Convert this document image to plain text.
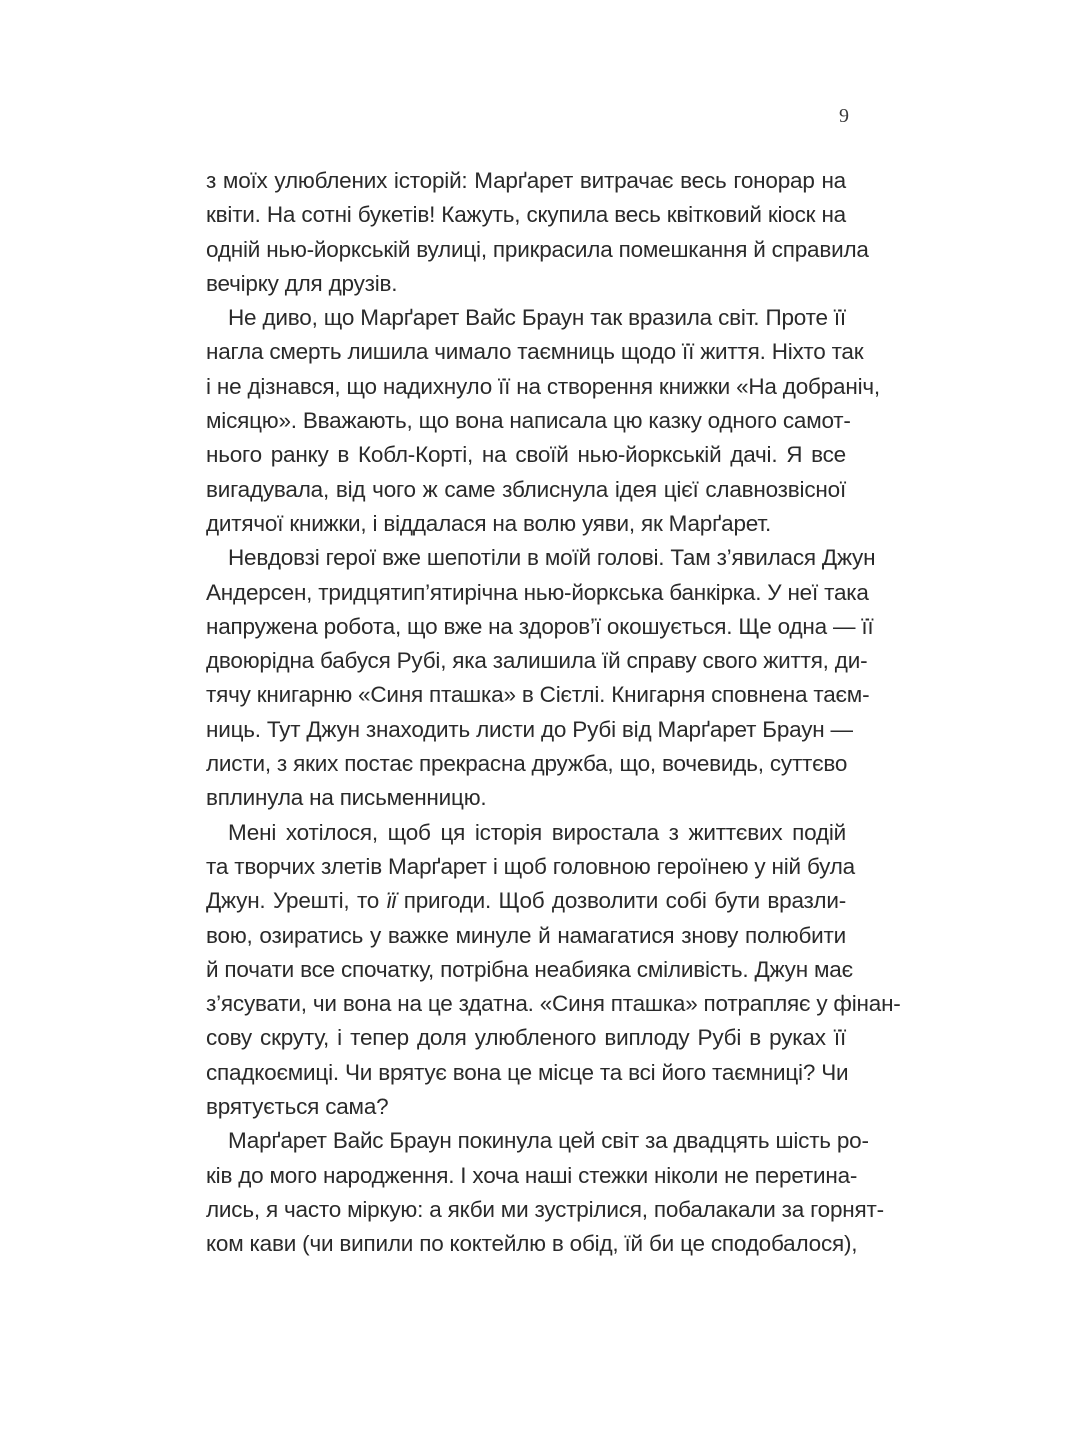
9
з моїх улюблених історій: Марґарет витрачає весь гонорар на
квіти. На сотні букетів! Кажуть, скупила весь квітковий кіоск на
одній нью-йоркській вулиці, прикрасила помешкання й справила
вечірку для друзів.
Не диво, що Марґарет Вайс Браун так вразила світ. Проте її
нагла смерть лишила чимало таємниць щодо її життя. Ніхто так
і не дізнався, що надихнуло її на створення книжки «На добраніч,
місяцю». Вважають, що вона написала цю казку одного самот-
нього ранку в Кобл-Корті, на своїй нью-йоркській дачі. Я все
вигадувала, від чого ж саме зблиснула ідея цієї славнозвісної
дитячої книжки, і віддалася на волю уяви, як Марґарет.
Невдовзі герої вже шепотіли в моїй голові. Там з’явилася Джун
Андерсен, тридцятип’ятирічна нью-йоркська банкірка. У неї така
напружена робота, що вже на здоров’ї окошується. Ще одна — її
двоюрідна бабуся Рубі, яка залишила їй справу свого життя, ди-
тячу книгарню «Синя пташка» в Сієтлі. Книгарня сповнена таєм-
ниць. Тут Джун знаходить листи до Рубі від Марґарет Браун —
листи, з яких постає прекрасна дружба, що, вочевидь, суттєво
вплинула на письменницю.
Мені хотілося, щоб ця історія виростала з життєвих подій
та творчих злетів Марґарет і щоб головною героїнею у ній була
Джун. Урешті, то її пригоди. Щоб дозволити собі бути вразли-
вою, озиратись у важке минуле й намагатися знову полюбити
й почати все спочатку, потрібна неабияка сміливість. Джун має
з’ясувати, чи вона на це здатна. «Синя пташка» потрапляє у фінан-
сову скруту, і тепер доля улюбленого виплоду Рубі в руках її
спадкоємиці. Чи врятує вона це місце та всі його таємниці? Чи
врятується сама?
Марґарет Вайс Браун покинула цей світ за двадцять шість ро-
ків до мого народження. І хоча наші стежки ніколи не перетина-
лись, я часто міркую: а якби ми зустрілися, побалакали за горнят-
ком кави (чи випили по коктейлю в обід, їй би це сподобалося),
